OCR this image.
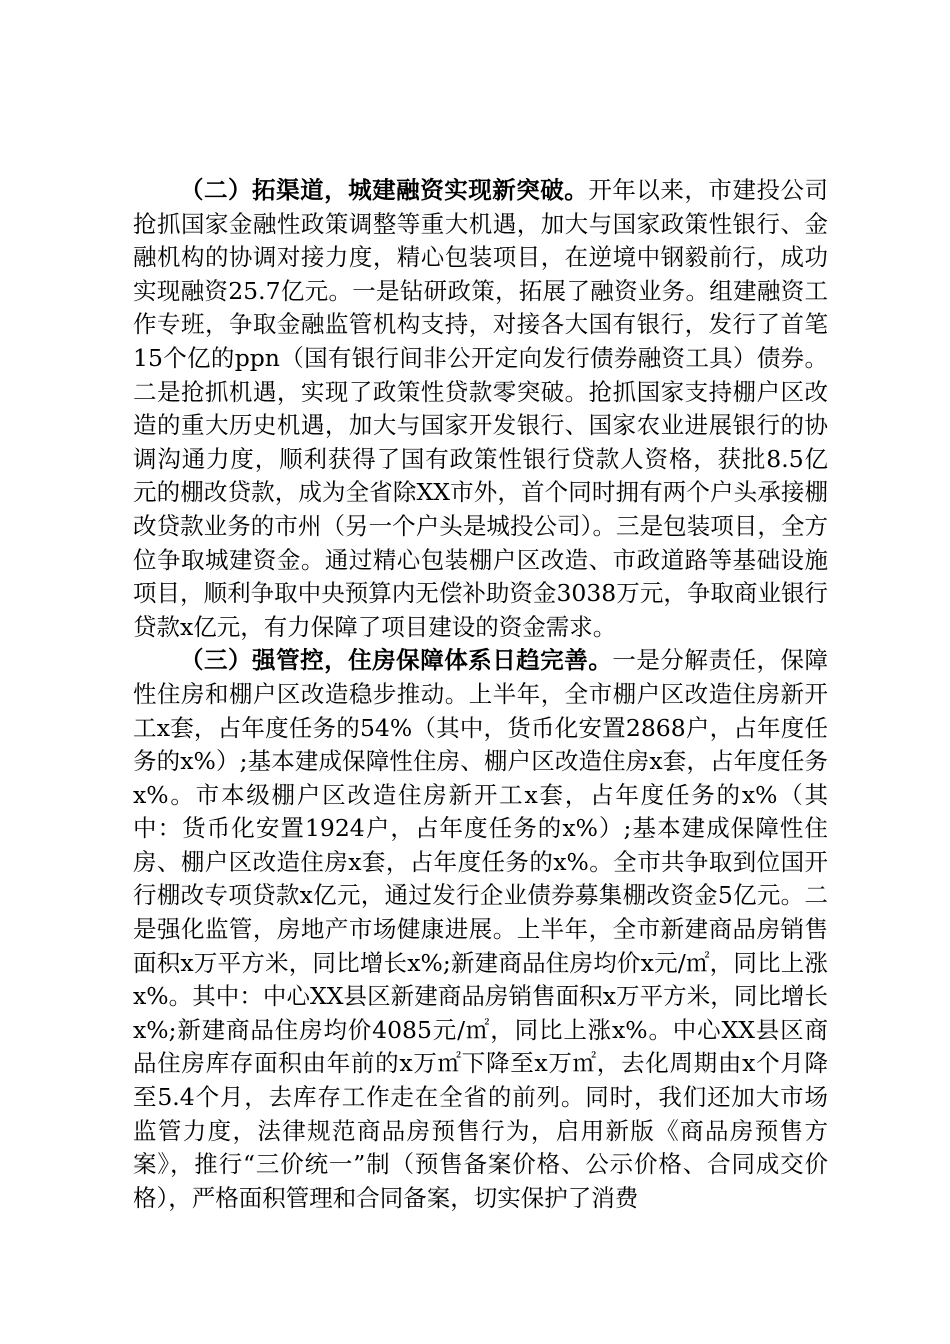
（二）拓渠道，城建融资实现新突破。开年以来，市建投公司抢抓国家金融性政策调整等重大机遇，加大与国家政策性银行、金融机构的协调对接力度，精心包装项目，在逆境中钢毅前行，成功实现融资25.7亿元。一是钻研政策，拓展了融资业务。组建融资工作专班，争取金融监管机构支持，对接各大国有银行，发行了首笔15个亿的ppn（国有银行间非公开定向发行债券融资工具）债券。二是抢抓机遇，实现了政策性贷款零突破。抢抓国家支持棚户区改造的重大历史机遇，加大与国家开发银行、国家农业进展银行的协调沟通力度，顺利获得了国有政策性银行贷款人资格，获批8.5亿元的棚改贷款，成为全省除XX市外，首个同时拥有两个户头承接棚改贷款业务的市州（另一个户头是城投公司）。三是包装项目，全方位争取城建资金。通过精心包装棚户区改造、市政道路等基础设施项目，顺利争取中央预算内无偿补助资金3038万元，争取商业银行贷款x亿元，有力保障了项目建设的资金需求。

（三）强管控，住房保障体系日趋完善。一是分解责任，保障性住房和棚户区改造稳步推动。上半年，全市棚户区改造住房新开工x套，占年度任务的54%（其中，货币化安置2868户，占年度任务的x%）;基本建成保障性住房、棚户区改造住房x套，占年度任务x%。市本级棚户区改造住房新开工x套，占年度任务的x%（其中：货币化安置1924户，占年度任务的x%）;基本建成保障性住房、棚户区改造住房x套，占年度任务的x%。全市共争取到位国开行棚改专项贷款x亿元，通过发行企业债券募集棚改资金5亿元。二是强化监管，房地产市场健康进展。上半年，全市新建商品房销售面积x万平方米，同比增长x%;新建商品住房均价x元/㎡，同比上涨x%。其中：中心XX县区新建商品房销售面积x万平方米，同比增长x%;新建商品住房均价4085元/㎡，同比上涨x%。中心XX县区商品住房库存面积由年前的x万㎡下降至x万㎡，去化周期由x个月降至5.4个月，去库存工作走在全省的前列。同时，我们还加大市场监管力度，法律规范商品房预售行为，启用新版《商品房预售方案》，推行“三价统一”制（预售备案价格、公示价格、合同成交价格），严格面积管理和合同备案，切实保护了消费
